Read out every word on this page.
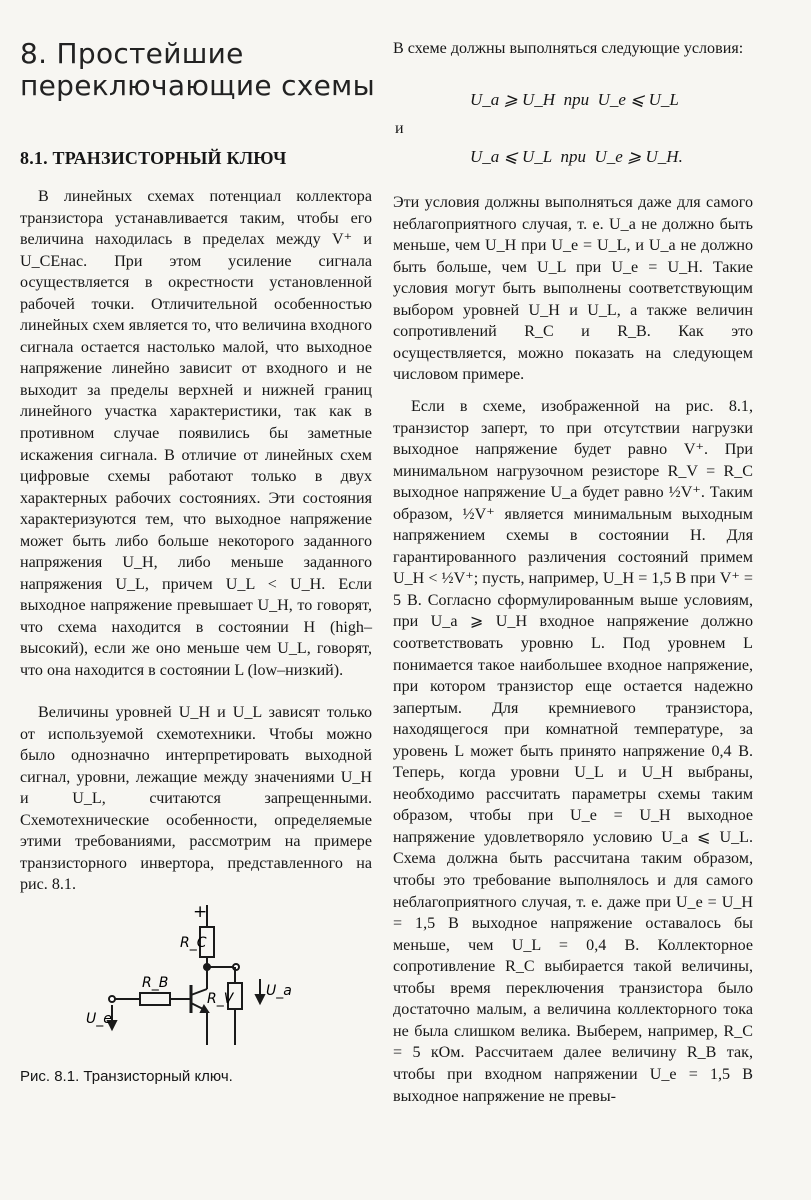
8. Простейшие переключающие схемы
8.1. ТРАНЗИСТОРНЫЙ КЛЮЧ

В линейных схемах потенциал коллектора транзистора устанавливается таким, чтобы его величина находилась в пределах между V⁺ и U_CEнас. При этом усиление сигнала осуществляется в окрестности установленной рабочей точки. Отличительной особенностью линейных схем является то, что величина входного сигнала остается настолько малой, что выходное напряжение линейно зависит от входного и не выходит за пределы верхней и нижней границ линейного участка характеристики, так как в противном случае появились бы заметные искажения сигнала. В отличие от линейных схем цифровые схемы работают только в двух характерных рабочих состояниях. Эти состояния характеризуются тем, что выходное напряжение может быть либо больше некоторого заданного напряжения U_H, либо меньше заданного напряжения U_L, причем U_L < U_H. Если выходное напряжение превышает U_H, то говорят, что схема находится в состоянии H (high–высокий), если же оно меньше чем U_L, говорят, что она находится в состоянии L (low–низкий).

Величины уровней U_H и U_L зависят только от используемой схемотехники. Чтобы можно было однозначно интерпретировать выходной сигнал, уровни, лежащие между значениями U_H и U_L, считаются запрещенными. Схемотехнические особенности, определяемые этими требованиями, рассмотрим на примере транзисторного инвертора, представленного на рис. 8.1.

В схеме должны выполняться следующие условия:

U_a ⩾ U_H  при  U_e ⩽ U_L
и
U_a ⩽ U_L  при  U_e ⩾ U_H.

Эти условия должны выполняться даже для самого неблагоприятного случая, т. е. U_a не должно быть меньше, чем U_H при U_e = U_L, и U_a не должно быть больше, чем U_L при U_e = U_H. Такие условия могут быть выполнены соответствующим выбором уровней U_H и U_L, а также величин сопротивлений R_C и R_B. Как это осуществляется, можно показать на следующем числовом примере.

Если в схеме, изображенной на рис. 8.1, транзистор заперт, то при отсутствии нагрузки выходное напряжение будет равно V⁺. При минимальном нагрузочном резисторе R_V = R_C выходное напряжение U_a будет равно ½V⁺. Таким образом, ½V⁺ является минимальным выходным напряжением схемы в состоянии H. Для гарантированного различения состояний примем U_H < ½V⁺; пусть, например, U_H = 1,5 В при V⁺ = 5 В. Согласно сформулированным выше условиям, при U_a ⩾ U_H входное напряжение должно соответствовать уровню L. Под уровнем L понимается такое наибольшее входное напряжение, при котором транзистор еще остается надежно запертым. Для кремниевого транзистора, находящегося при комнатной температуре, за уровень L может быть принято напряжение 0,4 В. Теперь, когда уровни U_L и U_H выбраны, необходимо рассчитать параметры схемы таким образом, чтобы при U_e = U_H выходное напряжение удовлетворяло условию U_a ⩽ U_L. Схема должна быть рассчитана таким образом, чтобы это требование выполнялось и для самого неблагоприятного случая, т. е. даже при U_e = U_H = 1,5 В выходное напряжение оставалось бы меньше, чем U_L = 0,4 В. Коллекторное сопротивление R_C выбирается такой величины, чтобы время переключения транзистора было достаточно малым, а величина коллекторного тока не была слишком велика. Выберем, например, R_C = 5 кОм. Рассчитаем далее величину R_B так, чтобы при входном напряжении U_e = 1,5 В выходное напряжение не превы-

+
R_C
R_B
R_V U_a
U_e
Рис. 8.1. Транзисторный ключ.
